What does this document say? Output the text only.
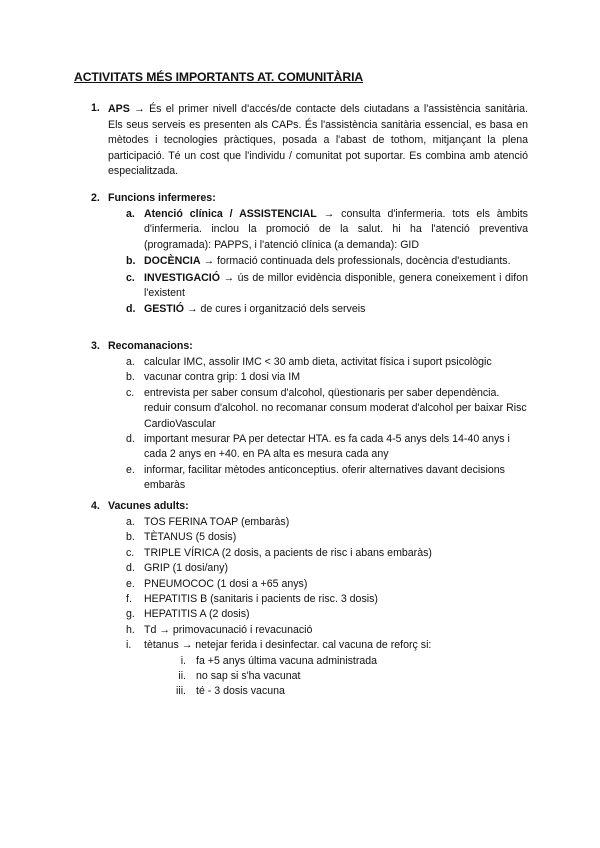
ACTIVITATS MÉS IMPORTANTS AT. COMUNITÀRIA
1. APS → És el primer nivell d'accés/de contacte dels ciutadans a l'assistència sanitària. Els seus serveis es presenten als CAPs. És l'assistència sanitària essencial, es basa en mètodes i tecnologies pràctiques, posada a l'abast de tothom, mitjançant la plena participació. Té un cost que l'individu / comunitat pot suportar. Es combina amb atenció especialitzada.

2. Funcions infermeres:
a. Atenció clínica / ASSISTENCIAL → consulta d'infermeria. tots els àmbits d'infermeria. inclou la promoció de la salut. hi ha l'atenció preventiva (programada): PAPPS, i l'atenció clínica (a demanda): GID
b. DOCÈNCIA → formació continuada dels professionals, docència d'estudiants.
c. INVESTIGACIÓ → ús de millor evidència disponible, genera coneixement i difon l'existent
d. GESTIÓ → de cures i organització dels serveis
3. Recomanacions:
a. calcular IMC, assolir IMC < 30 amb dieta, activitat física i suport psicològic
b. vacunar contra grip: 1 dosi via IM
c. entrevista per saber consum d'alcohol, qüestionaris per saber dependència. reduir consum d'alcohol. no recomanar consum moderat d'alcohol per baixar Risc CardioVascular
d. important mesurar PA per detectar HTA. es fa cada 4-5 anys dels 14-40 anys i cada 2 anys en +40. en PA alta es mesura cada any
e. informar, facilitar mètodes anticonceptius. oferir alternatives davant decisions embaràs
4. Vacunes adults:
a. TOS FERINA TOAP (embaràs)
b. TÈTANUS (5 dosis)
c. TRIPLE VÍRICA (2 dosis, a pacients de risc i abans embaràs)
d. GRIP (1 dosi/any)
e. PNEUMOCOC (1 dosi a +65 anys)
f. HEPATITIS B (sanitaris i pacients de risc. 3 dosis)
g. HEPATITIS A (2 dosis)
h. Td → primovacunació i revacunació
i. tètanus → netejar ferida i desinfectar. cal vacuna de reforç si:
i. fa +5 anys última vacuna administrada
ii. no sap si s'ha vacunat
iii. té - 3 dosis vacuna
